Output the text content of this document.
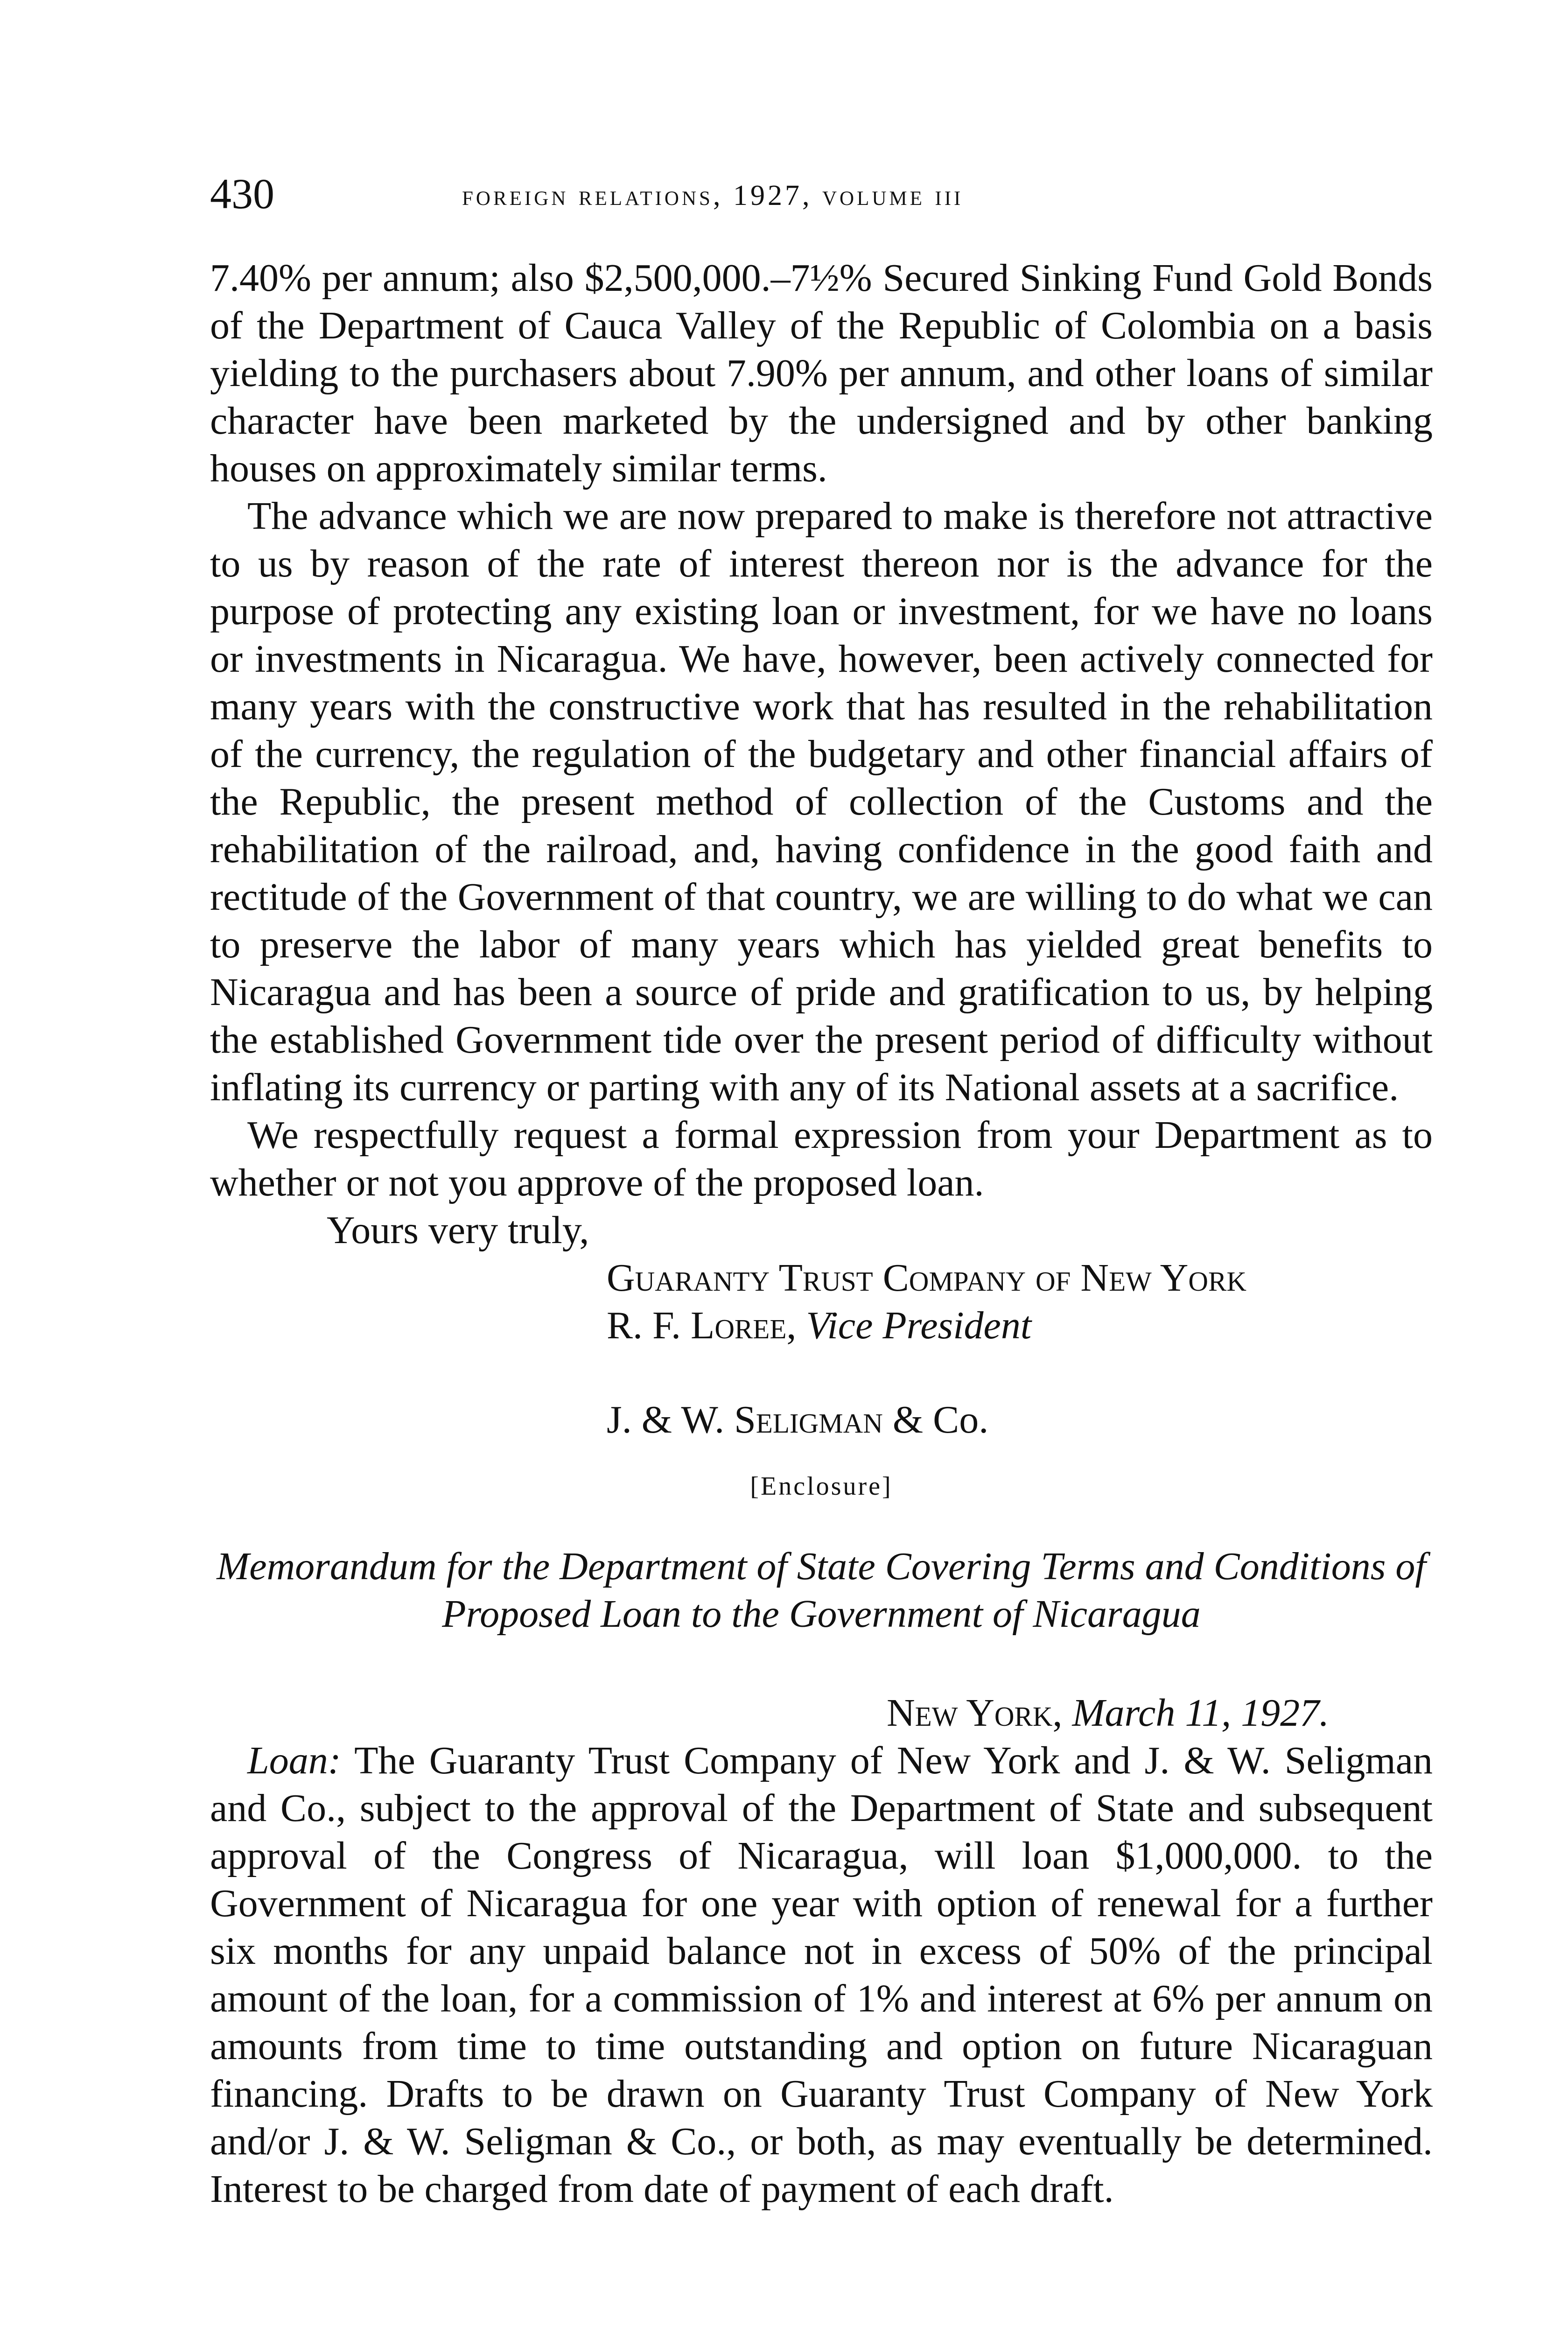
430	foreign relations, 1927, volume iii

7.40% per annum; also $2,500,000.–7½% Secured Sinking Fund Gold Bonds of the Department of Cauca Valley of the Republic of Colombia on a basis yielding to the purchasers about 7.90% per annum, and other loans of similar character have been marketed by the undersigned and by other banking houses on approximately similar terms.

The advance which we are now prepared to make is therefore not attractive to us by reason of the rate of interest thereon nor is the advance for the purpose of protecting any existing loan or investment, for we have no loans or investments in Nicaragua. We have, however, been actively connected for many years with the constructive work that has resulted in the rehabilitation of the currency, the regulation of the budgetary and other financial affairs of the Republic, the present method of collection of the Customs and the rehabilitation of the railroad, and, having confidence in the good faith and rectitude of the Government of that country, we are willing to do what we can to preserve the labor of many years which has yielded great benefits to Nicaragua and has been a source of pride and gratification to us, by helping the established Government tide over the present period of difficulty without inflating its currency or parting with any of its National assets at a sacrifice.

We respectfully request a formal expression from your Department as to whether or not you approve of the proposed loan.

Yours very truly,

Guaranty Trust Company of New York

R. F. Loree, Vice President

J. & W. Seligman & Co.

[Enclosure]

Memorandum for the Department of State Covering Terms and Conditions of Proposed Loan to the Government of Nicaragua

New York, March 11, 1927.

Loan: The Guaranty Trust Company of New York and J. & W. Seligman and Co., subject to the approval of the Department of State and subsequent approval of the Congress of Nicaragua, will loan $1,000,000. to the Government of Nicaragua for one year with option of renewal for a further six months for any unpaid balance not in excess of 50% of the principal amount of the loan, for a commission of 1% and interest at 6% per annum on amounts from time to time outstanding and option on future Nicaraguan financing. Drafts to be drawn on Guaranty Trust Company of New York and/or J. & W. Seligman & Co., or both, as may eventually be determined. Interest to be charged from date of payment of each draft.
